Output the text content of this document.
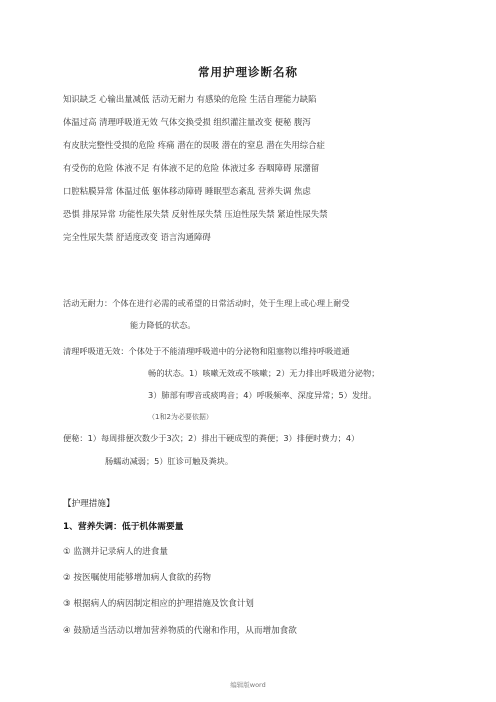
常用护理诊断名称
知识缺乏 心输出量减低 活动无耐力 有感染的危险 生活自理能力缺陷
体温过高 清理呼吸道无效 气体交换受损 组织灌注量改变 便秘 腹泻
有皮肤完整性受损的危险 疼痛 潜在的误吸 潜在的窒息 潜在失用综合症
有受伤的危险 体液不足 有体液不足的危险 体液过多 吞咽障碍 尿潴留
口腔粘膜异常 体温过低 躯体移动障碍 睡眠型态紊乱 营养失调 焦虑
恐惧 排尿异常 功能性尿失禁 反射性尿失禁 压迫性尿失禁 紧迫性尿失禁
完全性尿失禁 舒适度改变 语言沟通障碍
活动无耐力：个体在进行必需的或希望的日常活动时，处于生理上或心理上耐受
能力降低的状态。
清理呼吸道无效：个体处于不能清理呼吸道中的分泌物和阻塞物以维持呼吸道通
畅的状态。1）咳嗽无效或不咳嗽；2）无力排出呼吸道分泌物；
3）肺部有啰音或痰鸣音；4）呼吸频率、深度异常；5）发绀。
（1和2为必要依据）
便秘：1）每周排便次数少于3次；2）排出干硬成型的粪便；3）排便时费力；4）
肠蠕动减弱；5）肛诊可触及粪块。
【护理措施】
1、营养失调：低于机体需要量
① 监测并记录病人的进食量
② 按医嘱使用能够增加病人食欲的药物
③ 根据病人的病因制定相应的护理措施及饮食计划
④ 鼓励适当活动以增加营养物质的代谢和作用，从而增加食欲
编辑版word
